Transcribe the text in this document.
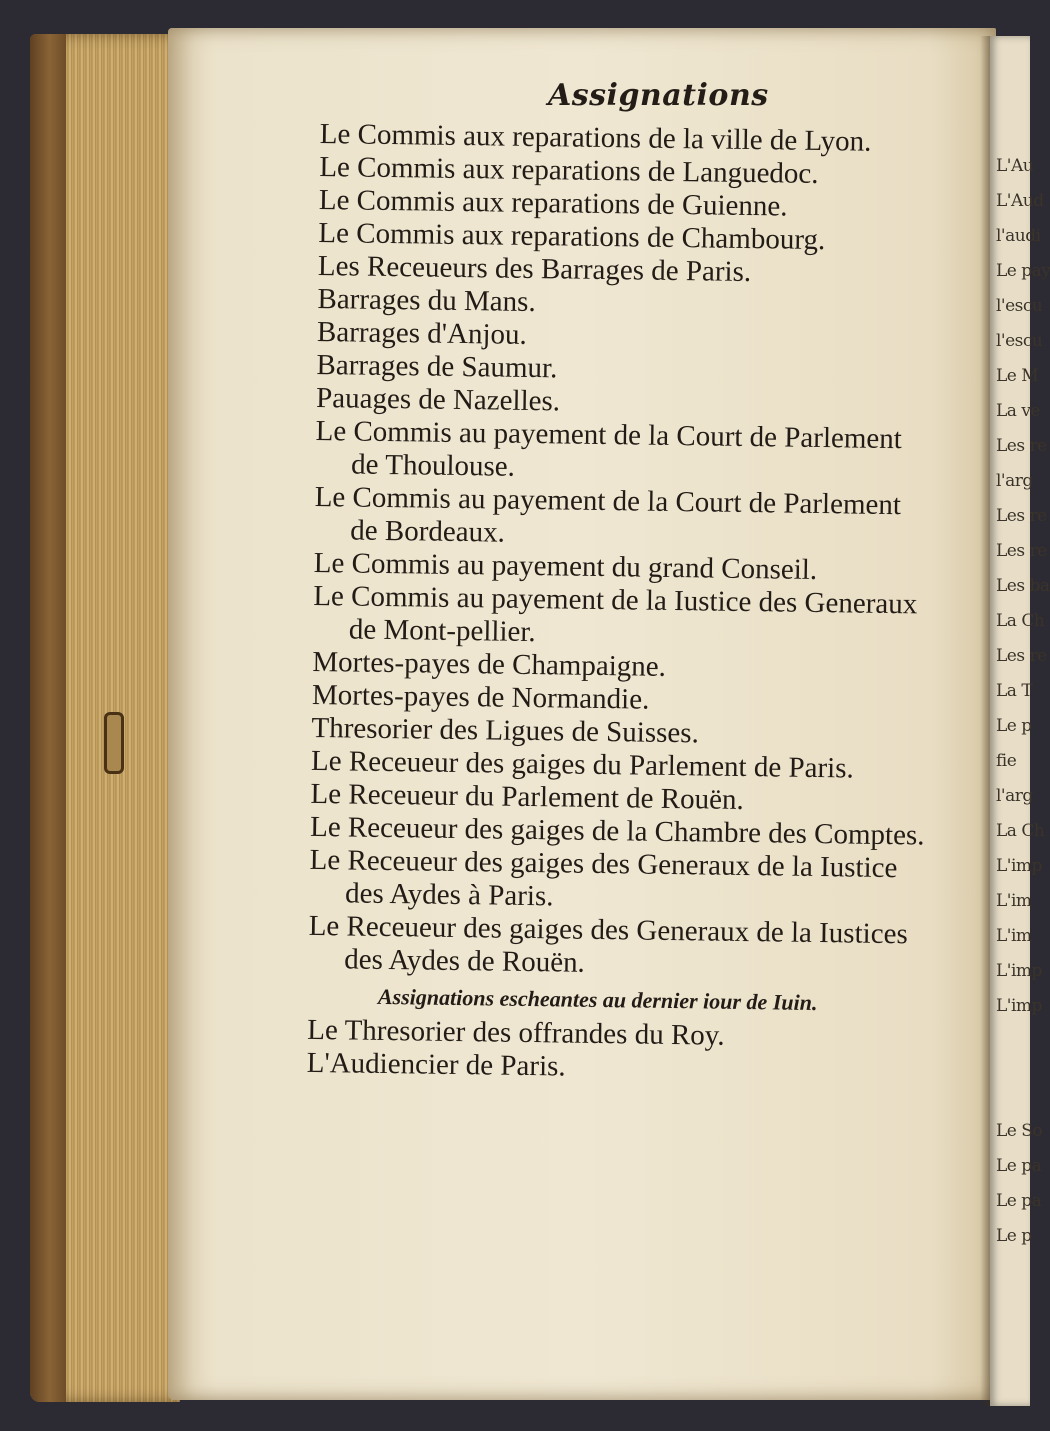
L'Au
L'Aud
l'audi
Le pay
l'escu
l'escu
Le M
La ve
Les re
l'arg
Les re
Les re
Les ba
La Ch
Les re
La T
Le p
fie
l'arg
La Ch
L'imp
L'im
L'im
L'imp
L'imp
Le So
Le pa
Le pa
Le p
Assignations

Le Commis aux reparations de la ville de Lyon.

Le Commis aux reparations de Languedoc.

Le Commis aux reparations de Guienne.

Le Commis aux reparations de Chambourg.

Les Receueurs des Barrages de Paris.

Barrages du Mans.

Barrages d'Anjou.

Barrages de Saumur.

Pauages de Nazelles.

Le Commis au payement de la Court de Parlement de Thoulouse.

Le Commis au payement de la Court de Parlement de Bordeaux.

Le Commis au payement du grand Conseil.

Le Commis au payement de la Iustice des Generaux de Mont-pellier.

Mortes-payes de Champaigne.

Mortes-payes de Normandie.

Thresorier des Ligues de Suisses.

Le Receueur des gaiges du Parlement de Paris.

Le Receueur du Parlement de Rouën.

Le Receueur des gaiges de la Chambre des Comptes.

Le Receueur des gaiges des Generaux de la Iustice des Aydes à Paris.

Le Receueur des gaiges des Generaux de la Iustices des Aydes de Rouën.

Assignations escheantes au dernier iour de Iuin.

Le Thresorier des offrandes du Roy.

L'Audiencier de Paris.
